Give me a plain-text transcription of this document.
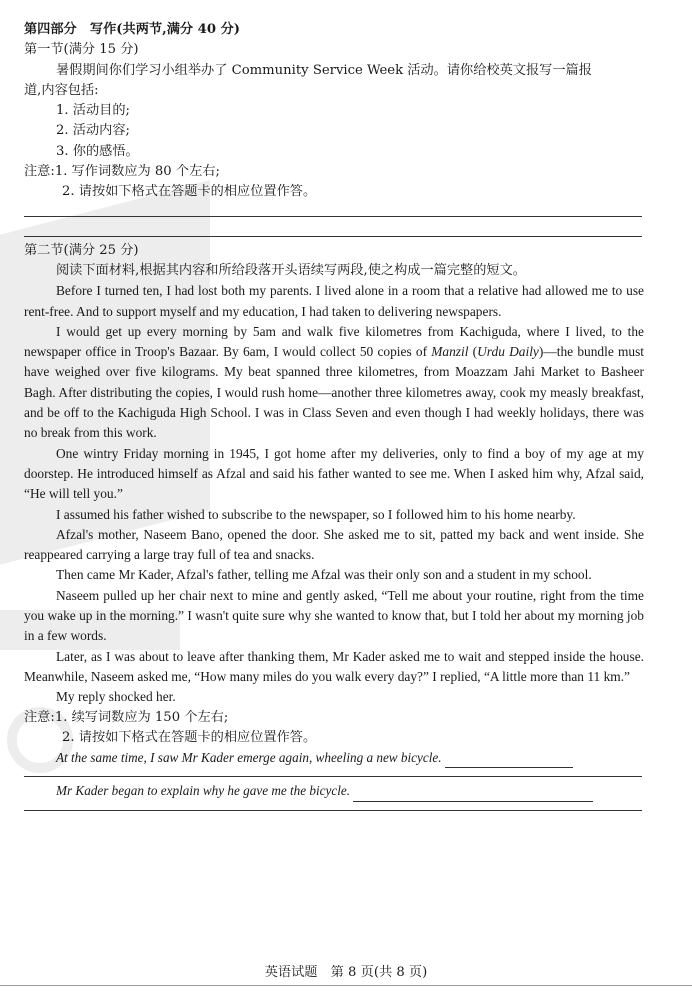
第四部分　写作(共两节,满分 40 分)
第一节(满分 15 分)
暑假期间你们学习小组举办了 Community Service Week 活动。请你给校英文报写一篇报
道,内容包括:
1. 活动目的;
2. 活动内容;
3. 你的感悟。
注意:1. 写作词数应为 80 个左右;
2. 请按如下格式在答题卡的相应位置作答。
第二节(满分 25 分)
阅读下面材料,根据其内容和所给段落开头语续写两段,使之构成一篇完整的短文。

Before I turned ten, I had lost both my parents. I lived alone in a room that a relative had allowed me to use rent-free. And to support myself and my education, I had taken to delivering newspapers.

I would get up every morning by 5am and walk five kilometres from Kachiguda, where I lived, to the newspaper office in Troop's Bazaar. By 6am, I would collect 50 copies of Manzil (Urdu Daily)—the bundle must have weighed over five kilograms. My beat spanned three kilometres, from Moazzam Jahi Market to Basheer Bagh. After distributing the copies, I would rush home—another three kilometres away, cook my measly breakfast, and be off to the Kachiguda High School. I was in Class Seven and even though I had weekly holidays, there was no break from this work.

One wintry Friday morning in 1945, I got home after my deliveries, only to find a boy of my age at my doorstep. He introduced himself as Afzal and said his father wanted to see me. When I asked him why, Afzal said, “He will tell you.”

I assumed his father wished to subscribe to the newspaper, so I followed him to his home nearby.

Afzal's mother, Naseem Bano, opened the door. She asked me to sit, patted my back and went inside. She reappeared carrying a large tray full of tea and snacks.

Then came Mr Kader, Afzal's father, telling me Afzal was their only son and a student in my school.

Naseem pulled up her chair next to mine and gently asked, “Tell me about your routine, right from the time you wake up in the morning.” I wasn't quite sure why she wanted to know that, but I told her about my morning job in a few words.

Later, as I was about to leave after thanking them, Mr Kader asked me to wait and stepped inside the house. Meanwhile, Naseem asked me, “How many miles do you walk every day?” I replied, “A little more than 11 km.”

My reply shocked her.

注意:1. 续写词数应为 150 个左右;
2. 请按如下格式在答题卡的相应位置作答。
At the same time, I saw Mr Kader emerge again, wheeling a new bicycle.
Mr Kader began to explain why he gave me the bicycle.
英语试题　第 8 页(共 8 页)
